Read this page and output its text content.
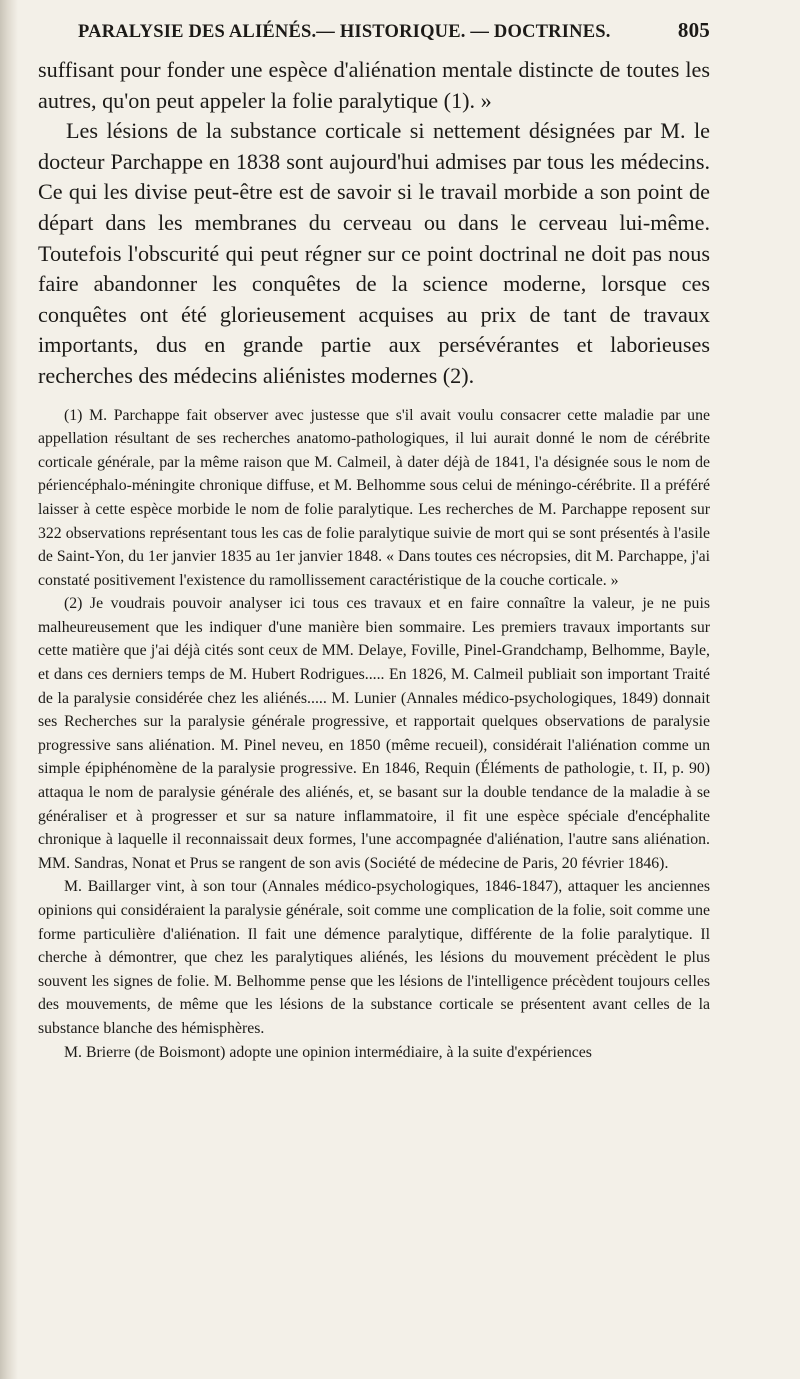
PARALYSIE DES ALIÉNÉS.— HISTORIQUE. — DOCTRINES.	805

suffisant pour fonder une espèce d'aliénation mentale distincte de toutes les autres, qu'on peut appeler la folie paralytique (1). »

Les lésions de la substance corticale si nettement désignées par M. le docteur Parchappe en 1838 sont aujourd'hui admises par tous les médecins. Ce qui les divise peut-être est de savoir si le travail morbide a son point de départ dans les membranes du cerveau ou dans le cerveau lui-même. Toutefois l'obscurité qui peut régner sur ce point doctrinal ne doit pas nous faire abandonner les conquêtes de la science moderne, lorsque ces conquêtes ont été glorieusement acquises au prix de tant de travaux importants, dus en grande partie aux persévérantes et laborieuses recherches des médecins aliénistes modernes (2).

(1) M. Parchappe fait observer avec justesse que s'il avait voulu consacrer cette maladie par une appellation résultant de ses recherches anatomo-pathologiques, il lui aurait donné le nom de cérébrite corticale générale, par la même raison que M. Calmeil, à dater déjà de 1841, l'a désignée sous le nom de périencéphalo-méningite chronique diffuse, et M. Belhomme sous celui de méningo-cérébrite. Il a préféré laisser à cette espèce morbide le nom de folie paralytique. Les recherches de M. Parchappe reposent sur 322 observations représentant tous les cas de folie paralytique suivie de mort qui se sont présentés à l'asile de Saint-Yon, du 1er janvier 1835 au 1er janvier 1848. « Dans toutes ces nécropsies, dit M. Parchappe, j'ai constaté positivement l'existence du ramollissement caractéristique de la couche corticale. »

(2) Je voudrais pouvoir analyser ici tous ces travaux et en faire connaître la valeur, je ne puis malheureusement que les indiquer d'une manière bien sommaire. Les premiers travaux importants sur cette matière que j'ai déjà cités sont ceux de MM. Delaye, Foville, Pinel-Grandchamp, Belhomme, Bayle, et dans ces derniers temps de M. Hubert Rodrigues..... En 1826, M. Calmeil publiait son important Traité de la paralysie considérée chez les aliénés..... M. Lunier (Annales médico-psychologiques, 1849) donnait ses Recherches sur la paralysie générale progressive, et rapportait quelques observations de paralysie progressive sans aliénation. M. Pinel neveu, en 1850 (même recueil), considérait l'aliénation comme un simple épiphénomène de la paralysie progressive. En 1846, Requin (Éléments de pathologie, t. II, p. 90) attaqua le nom de paralysie générale des aliénés, et, se basant sur la double tendance de la maladie à se généraliser et à progresser et sur sa nature inflammatoire, il fit une espèce spéciale d'encéphalite chronique à laquelle il reconnaissait deux formes, l'une accompagnée d'aliénation, l'autre sans aliénation. MM. Sandras, Nonat et Prus se rangent de son avis (Société de médecine de Paris, 20 février 1846).

M. Baillarger vint, à son tour (Annales médico-psychologiques, 1846-1847), attaquer les anciennes opinions qui considéraient la paralysie générale, soit comme une complication de la folie, soit comme une forme particulière d'aliénation. Il fait une démence paralytique, différente de la folie paralytique. Il cherche à démontrer, que chez les paralytiques aliénés, les lésions du mouvement précèdent le plus souvent les signes de folie. M. Belhomme pense que les lésions de l'intelligence précèdent toujours celles des mouvements, de même que les lésions de la substance corticale se présentent avant celles de la substance blanche des hémisphères.

M. Brierre (de Boismont) adopte une opinion intermédiaire, à la suite d'expériences
